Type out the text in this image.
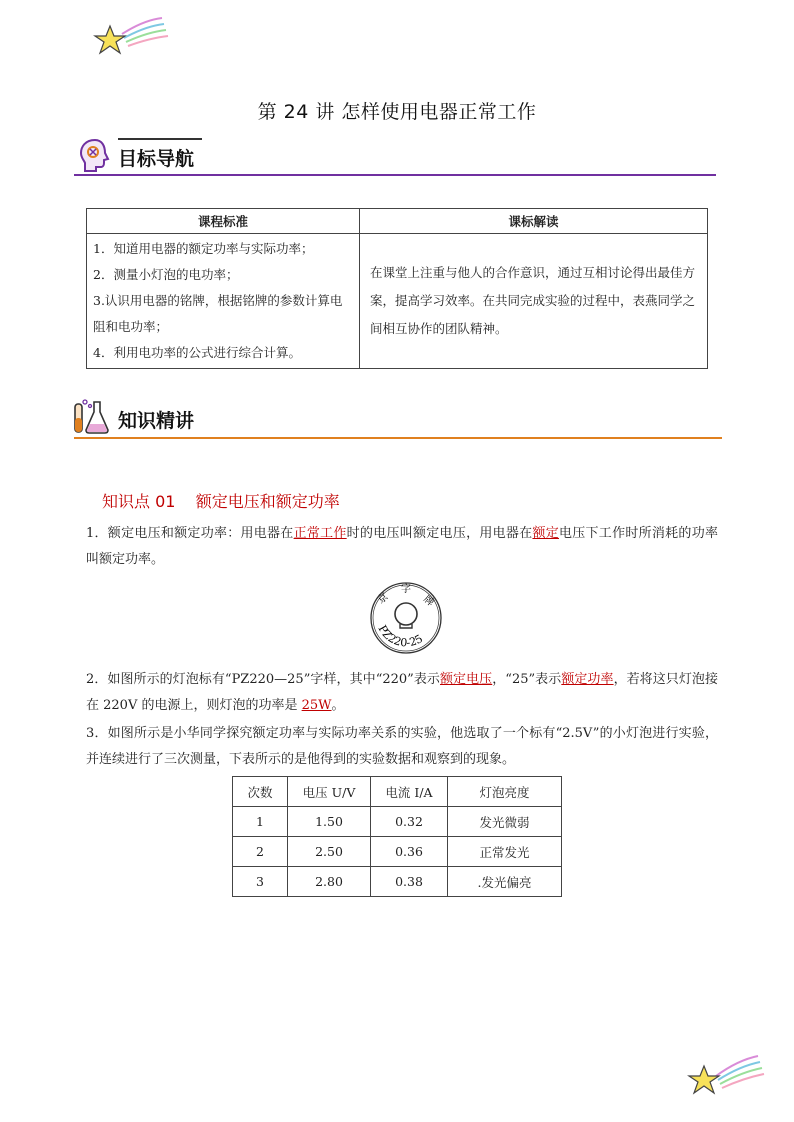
第 24 讲 怎样使用电器正常工作
目标导航
课程标准	课标解读

1．知道用电器的额定功率与实际功率；
2．测量小灯泡的电功率；
3.认识用电器的铭牌，根据铭牌的参数计算电阻和电功率；
4．利用电功率的公式进行综合计算。	在课堂上注重与他人的合作意识，通过互相讨论得出最佳方案，提高学习效率。在共同完成实验的过程中，表燕同学之间相互协作的团队精神。
知识精讲
知识点 01    额定电压和额定功率
1．额定电压和额定功率：用电器在正常工作时的电压叫额定电压，用电器在额定电压下工作时所消耗的功率叫额定功率。
京
字
牌
PZ220-25
2．如图所示的灯泡标有“PZ220—25”字样，其中“220”表示额定电压，“25”表示额定功率，若将这只灯泡接在 220V 的电源上，则灯泡的功率是 25W。
3．如图所示是小华同学探究额定功率与实际功率关系的实验，他选取了一个标有“2.5V”的小灯泡进行实验，并连续进行了三次测量，下表所示的是他得到的实验数据和观察到的现象。
次数	电压 U/V	电流 I/A	灯泡亮度
1	1.50	0.32	发光微弱
2	2.50	0.36	正常发光
3	2.80	0.38	.发光偏亮
